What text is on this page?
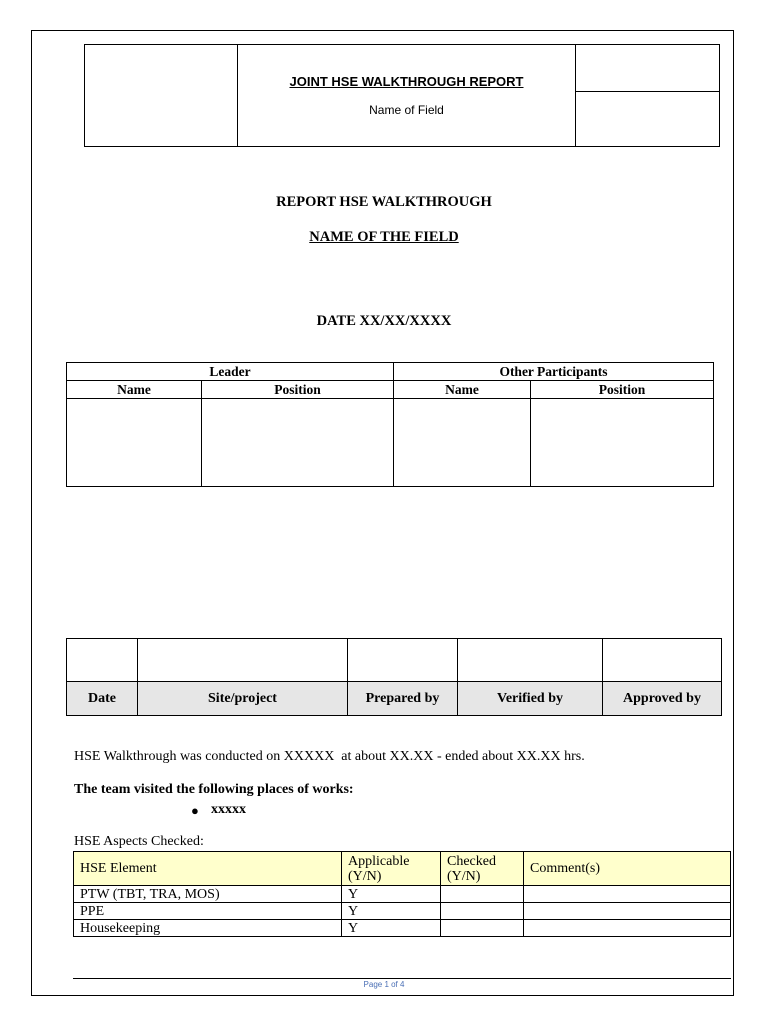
JOINT HSE WALKTHROUGH REPORT
Name of Field

REPORT HSE WALKTHROUGH
NAME OF THE FIELD
DATE XX/XX/XXXX
Leader		Other Participants	
Name	Position	Name	Position

Date	Site/project	Prepared by	Verified by	Approved by
HSE Walkthrough was conducted on XXXXX  at about XX.XX - ended about XX.XX hrs.
The team visited the following places of works:
● xxxxx
HSE Aspects Checked:
HSE Element	Applicable (Y/N)	Checked (Y/N)	Comment(s)
PTW (TBT, TRA, MOS)	Y		
PPE	Y		
Housekeeping	Y		
Page 1 of 4
